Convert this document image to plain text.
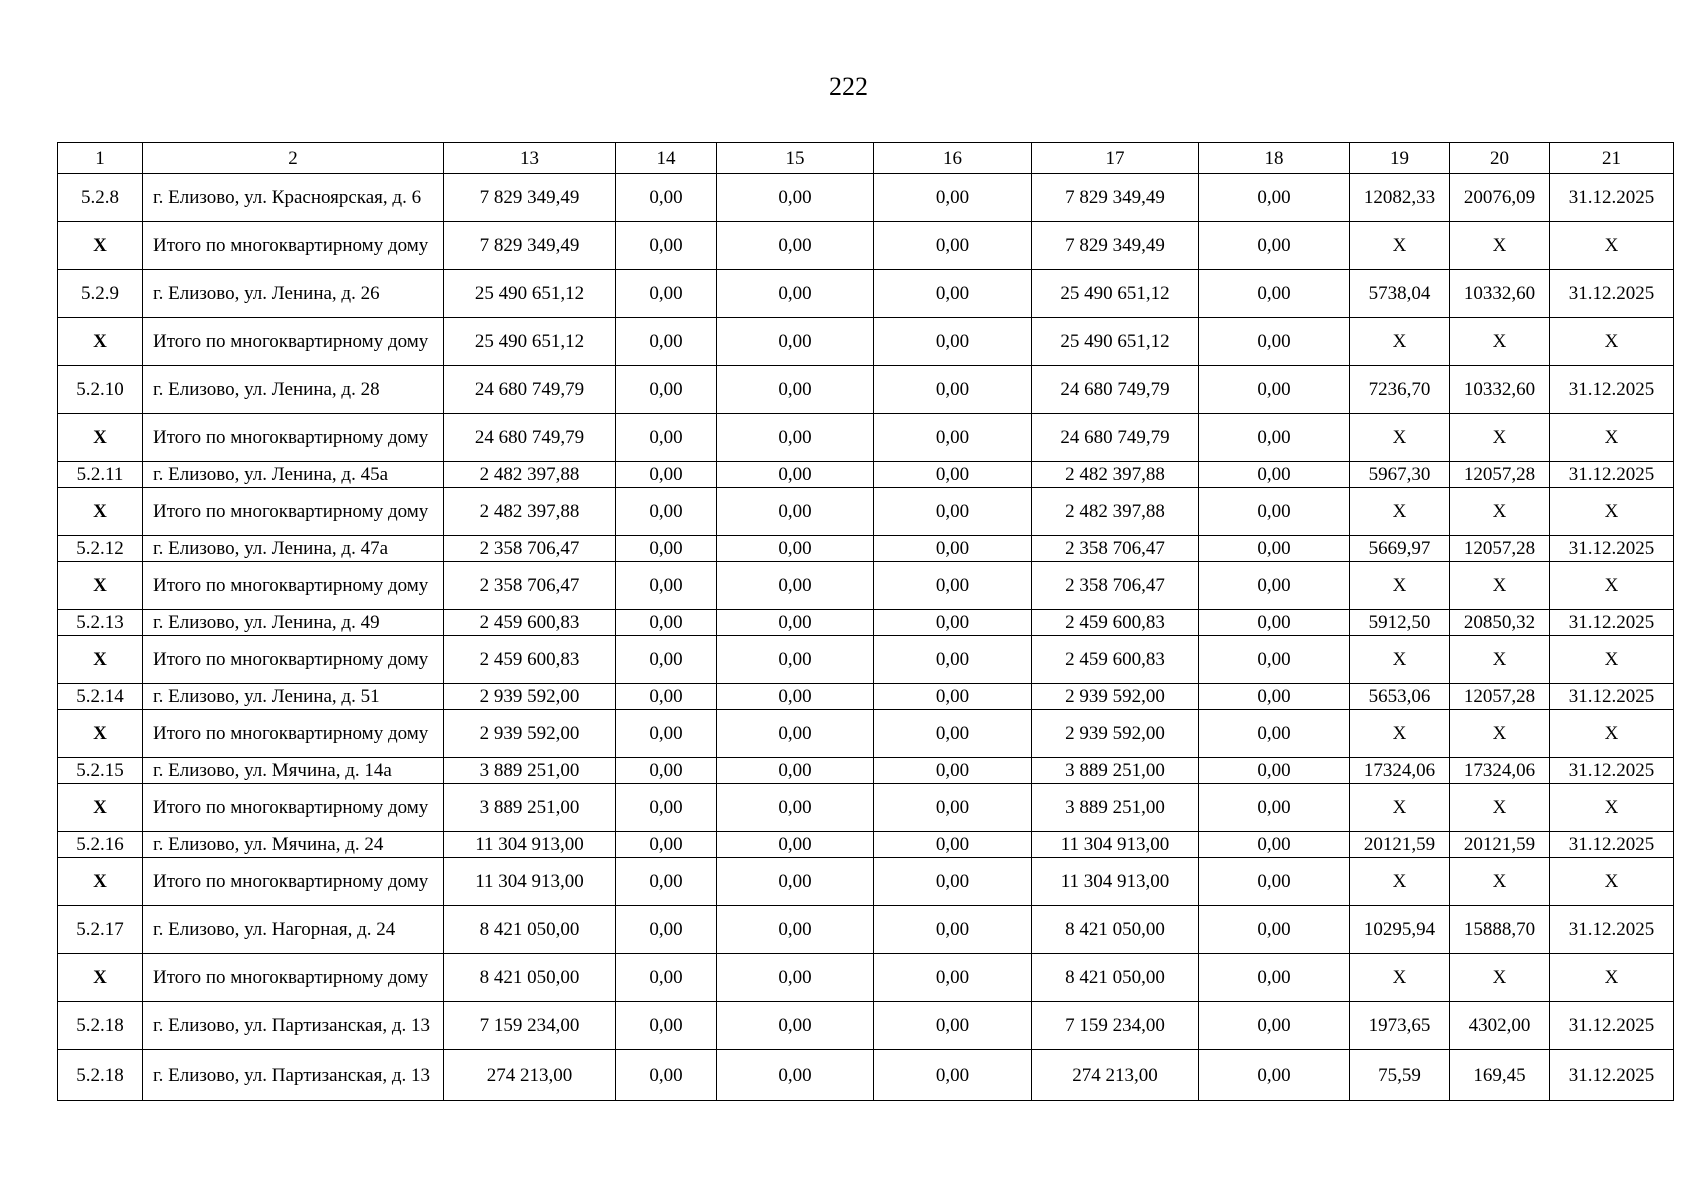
222
1	2	13	14	15	16	17	18	19	20	21
5.2.8	г. Елизово, ул. Красноярская, д. 6	7 829 349,49	0,00	0,00	0,00	7 829 349,49	0,00	12082,33	20076,09	31.12.2025
Х	Итого по многоквартирному дому	7 829 349,49	0,00	0,00	0,00	7 829 349,49	0,00	Х	Х	Х
5.2.9	г. Елизово, ул. Ленина, д. 26	25 490 651,12	0,00	0,00	0,00	25 490 651,12	0,00	5738,04	10332,60	31.12.2025
Х	Итого по многоквартирному дому	25 490 651,12	0,00	0,00	0,00	25 490 651,12	0,00	Х	Х	Х
5.2.10	г. Елизово, ул. Ленина, д. 28	24 680 749,79	0,00	0,00	0,00	24 680 749,79	0,00	7236,70	10332,60	31.12.2025
Х	Итого по многоквартирному дому	24 680 749,79	0,00	0,00	0,00	24 680 749,79	0,00	Х	Х	Х
5.2.11	г. Елизово, ул. Ленина, д. 45а	2 482 397,88	0,00	0,00	0,00	2 482 397,88	0,00	5967,30	12057,28	31.12.2025
Х	Итого по многоквартирному дому	2 482 397,88	0,00	0,00	0,00	2 482 397,88	0,00	Х	Х	Х
5.2.12	г. Елизово, ул. Ленина, д. 47а	2 358 706,47	0,00	0,00	0,00	2 358 706,47	0,00	5669,97	12057,28	31.12.2025
Х	Итого по многоквартирному дому	2 358 706,47	0,00	0,00	0,00	2 358 706,47	0,00	Х	Х	Х
5.2.13	г. Елизово, ул. Ленина, д. 49	2 459 600,83	0,00	0,00	0,00	2 459 600,83	0,00	5912,50	20850,32	31.12.2025
Х	Итого по многоквартирному дому	2 459 600,83	0,00	0,00	0,00	2 459 600,83	0,00	Х	Х	Х
5.2.14	г. Елизово, ул. Ленина, д. 51	2 939 592,00	0,00	0,00	0,00	2 939 592,00	0,00	5653,06	12057,28	31.12.2025
Х	Итого по многоквартирному дому	2 939 592,00	0,00	0,00	0,00	2 939 592,00	0,00	Х	Х	Х
5.2.15	г. Елизово, ул. Мячина, д. 14а	3 889 251,00	0,00	0,00	0,00	3 889 251,00	0,00	17324,06	17324,06	31.12.2025
Х	Итого по многоквартирному дому	3 889 251,00	0,00	0,00	0,00	3 889 251,00	0,00	Х	Х	Х
5.2.16	г. Елизово, ул. Мячина, д. 24	11 304 913,00	0,00	0,00	0,00	11 304 913,00	0,00	20121,59	20121,59	31.12.2025
Х	Итого по многоквартирному дому	11 304 913,00	0,00	0,00	0,00	11 304 913,00	0,00	Х	Х	Х
5.2.17	г. Елизово, ул. Нагорная, д. 24	8 421 050,00	0,00	0,00	0,00	8 421 050,00	0,00	10295,94	15888,70	31.12.2025
Х	Итого по многоквартирному дому	8 421 050,00	0,00	0,00	0,00	8 421 050,00	0,00	Х	Х	Х
5.2.18	г. Елизово, ул. Партизанская, д. 13	7 159 234,00	0,00	0,00	0,00	7 159 234,00	0,00	1973,65	4302,00	31.12.2025
5.2.18	г. Елизово, ул. Партизанская, д. 13	274 213,00	0,00	0,00	0,00	274 213,00	0,00	75,59	169,45	31.12.2025
